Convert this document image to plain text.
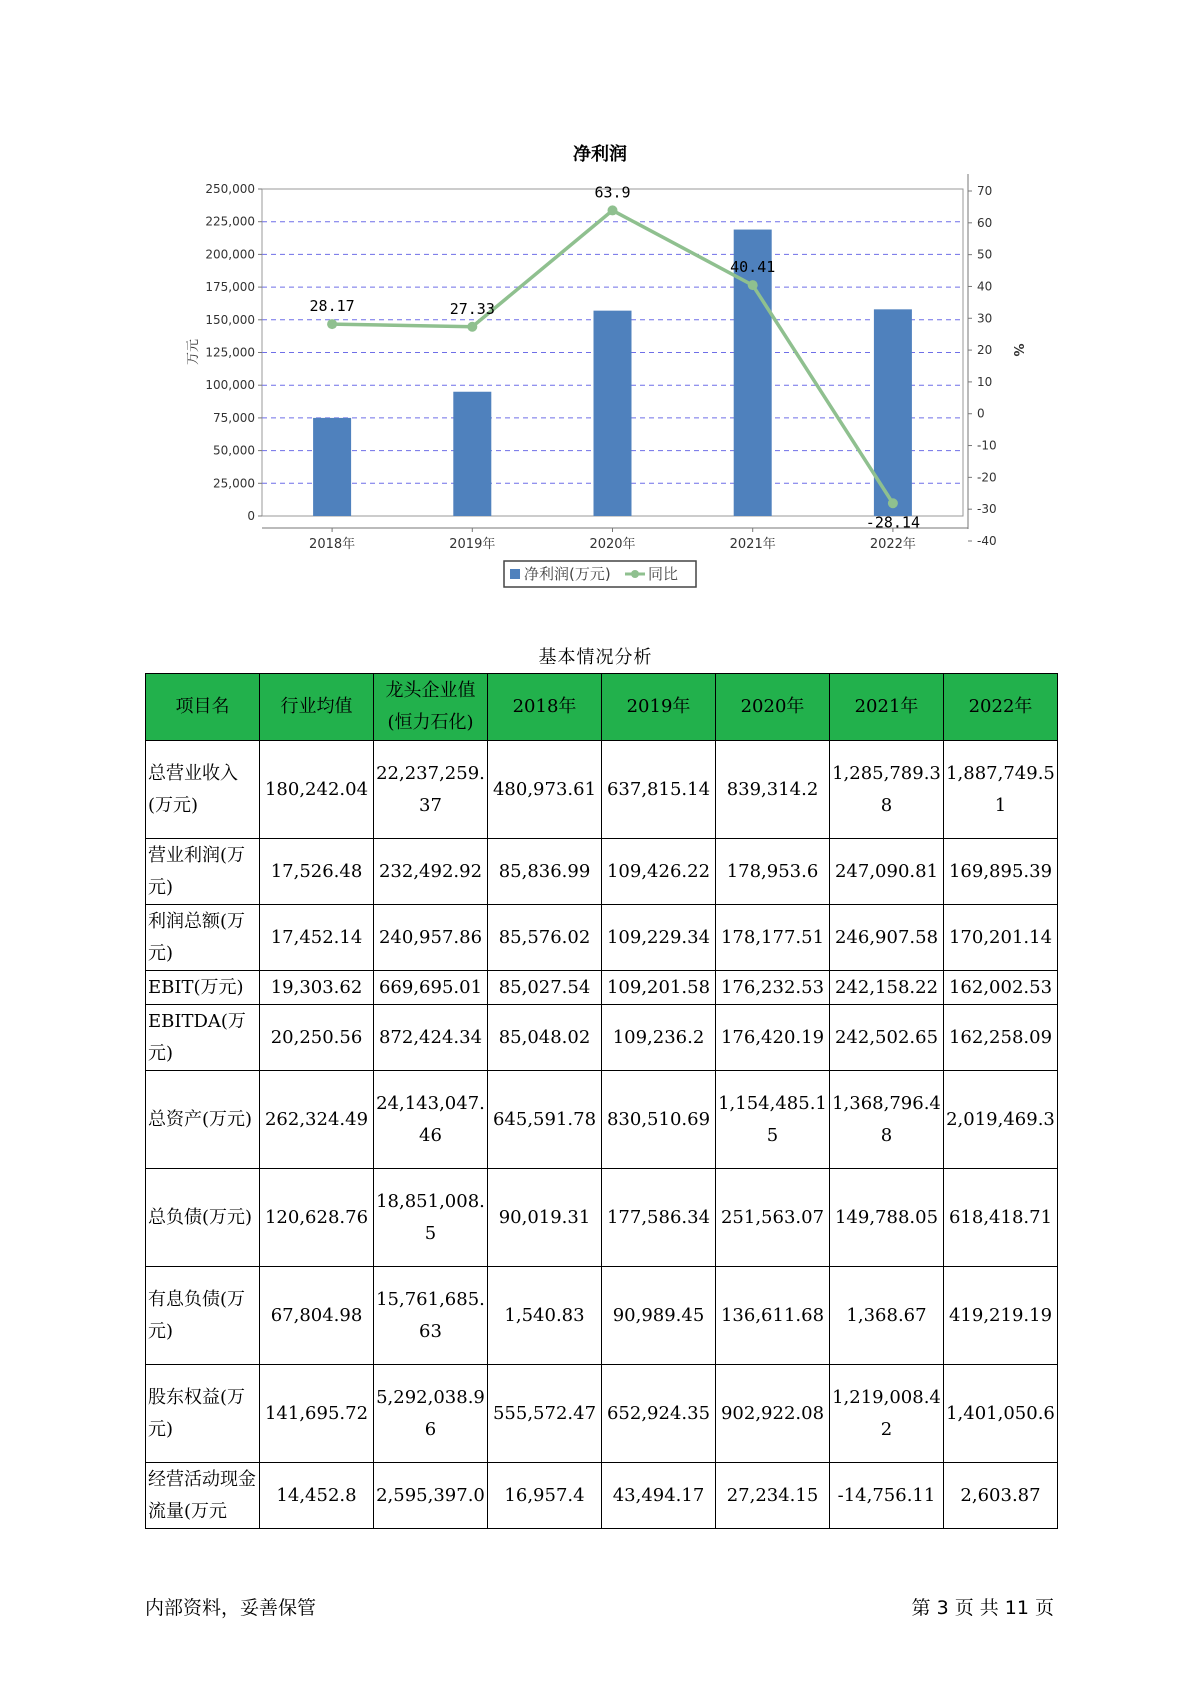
净利润
0
25,000
50,000
75,000
100,000
125,000
150,000
175,000
200,000
225,000
250,000
-40
-30
-20
-10
0
10
20
30
40
50
60
70
万元	%
2018年	2019年	2020年	2021年	2022年
28.17	27.33
63.9
40.41
-28.14
净利润(万元) 同比
基本情况分析
项目名	行业均值	龙头企业值(恒力石化)	2018年	2019年	2020年	2021年	2022年
总营业收入(万元)	180,242.04	22,237,259.37	480,973.61	637,815.14	839,314.2	1,285,789.38	1,887,749.51
营业利润(万元)	17,526.48	232,492.92	85,836.99	109,426.22	178,953.6	247,090.81	169,895.39
利润总额(万元)	17,452.14	240,957.86	85,576.02	109,229.34	178,177.51	246,907.58	170,201.14
EBIT(万元)	19,303.62	669,695.01	85,027.54	109,201.58	176,232.53	242,158.22	162,002.53
EBITDA(万元)	20,250.56	872,424.34	85,048.02	109,236.2	176,420.19	242,502.65	162,258.09
总资产(万元)	262,324.49	24,143,047.46	645,591.78	830,510.69	1,154,485.15	1,368,796.48	2,019,469.3
总负债(万元)	120,628.76	18,851,008.5	90,019.31	177,586.34	251,563.07	149,788.05	618,418.71
有息负债(万元)	67,804.98	15,761,685.63	1,540.83	90,989.45	136,611.68	1,368.67	419,219.19
股东权益(万元)	141,695.72	5,292,038.96	555,572.47	652,924.35	902,922.08	1,219,008.42	1,401,050.6
经营活动现金流量(万元	14,452.8	2,595,397.0	16,957.4	43,494.17	27,234.15	-14,756.11	2,603.87
内部资料，妥善保管	第 3 页 共 11 页
